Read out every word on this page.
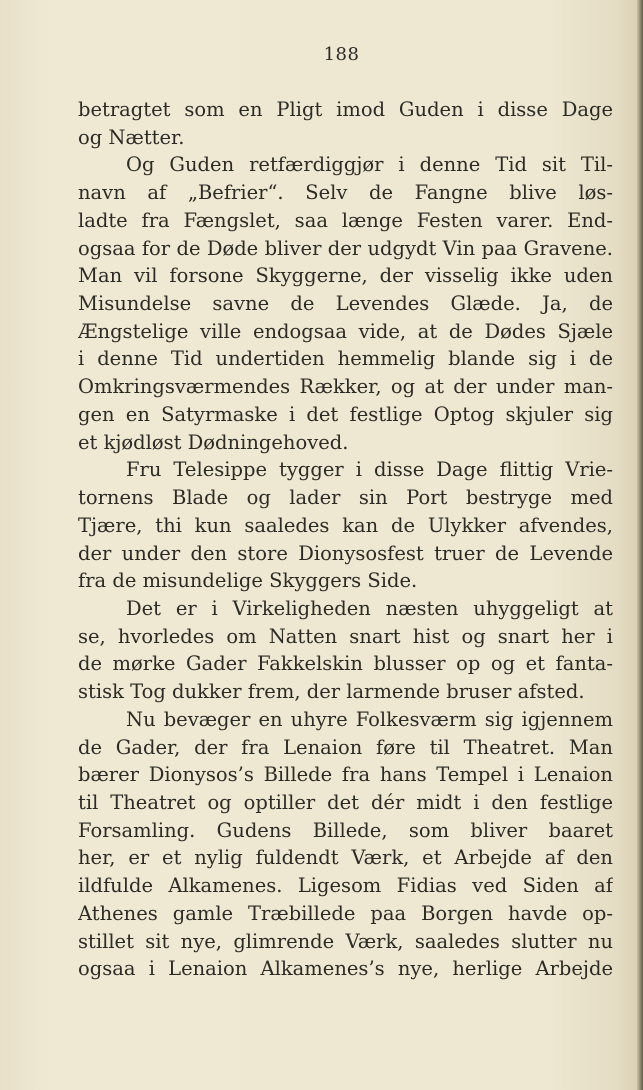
188
betragtet som en Pligt imod Guden i disse Dage
og Nætter.
Og Guden retfærdiggjør i denne Tid sit Til-
navn af „Befrier“. Selv de Fangne blive løs-
ladte fra Fængslet, saa længe Festen varer. End-
ogsaa for de Døde bliver der udgydt Vin paa Gravene.
Man vil forsone Skyggerne, der visselig ikke uden
Misundelse savne de Levendes Glæde. Ja, de
Ængstelige ville endogsaa vide, at de Dødes Sjæle
i denne Tid undertiden hemmelig blande sig i de
Omkringsværmendes Rækker, og at der under man-
gen en Satyrmaske i det festlige Optog skjuler sig
et kjødløst Dødningehoved.
Fru Telesippe tygger i disse Dage flittig Vrie-
tornens Blade og lader sin Port bestryge med
Tjære, thi kun saaledes kan de Ulykker afvendes,
der under den store Dionysosfest truer de Levende
fra de misundelige Skyggers Side.
Det er i Virkeligheden næsten uhyggeligt at
se, hvorledes om Natten snart hist og snart her i
de mørke Gader Fakkelskin blusser op og et fanta-
stisk Tog dukker frem, der larmende bruser afsted.
Nu bevæger en uhyre Folkesværm sig igjennem
de Gader, der fra Lenaion føre til Theatret. Man
bærer Dionysos’s Billede fra hans Tempel i Lenaion
til Theatret og optiller det dér midt i den festlige
Forsamling. Gudens Billede, som bliver baaret
her, er et nylig fuldendt Værk, et Arbejde af den
ildfulde Alkamenes. Ligesom Fidias ved Siden af
Athenes gamle Træbillede paa Borgen havde op-
stillet sit nye, glimrende Værk, saaledes slutter nu
ogsaa i Lenaion Alkamenes’s nye, herlige Arbejde
